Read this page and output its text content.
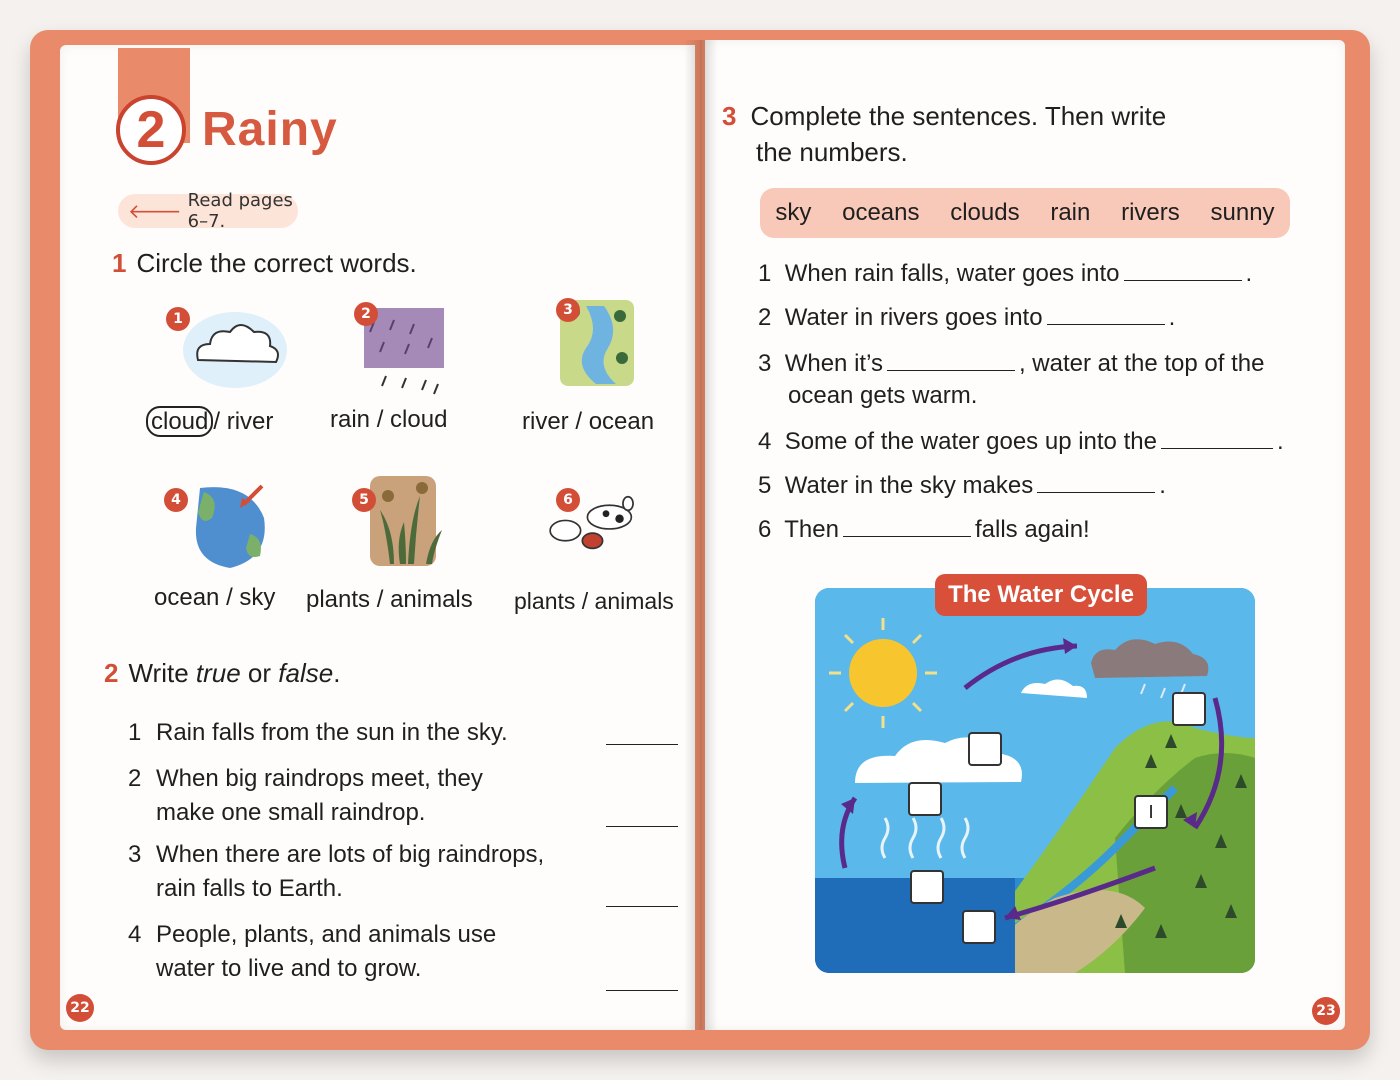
2 Rainy
🡐 Read pages 6–7.
1 Circle the correct words.
1	2	3
cloud / river rain / cloud	river / ocean
4	5	6
ocean / sky plants / animals plants / animals
2 Write true or false.
1 Rain falls from the sun in the sky.
2 When big raindrops meet, they
make one small raindrop.
3 When there are lots of big raindrops,
rain falls to Earth.
4 People, plants, and animals use
water to live and to grow.
22
3 Complete the sentences. Then write
the numbers.
sky oceans clouds rain rivers sunny
1 When rain falls, water goes into	.
2 Water in rivers goes into	.
3 When it’s	, water at the top of the
ocean gets warm.
4 Some of the water goes up into the	.
5 Water in the sky makes	.
6 Then	falls again!
The Water Cycle
I
23
